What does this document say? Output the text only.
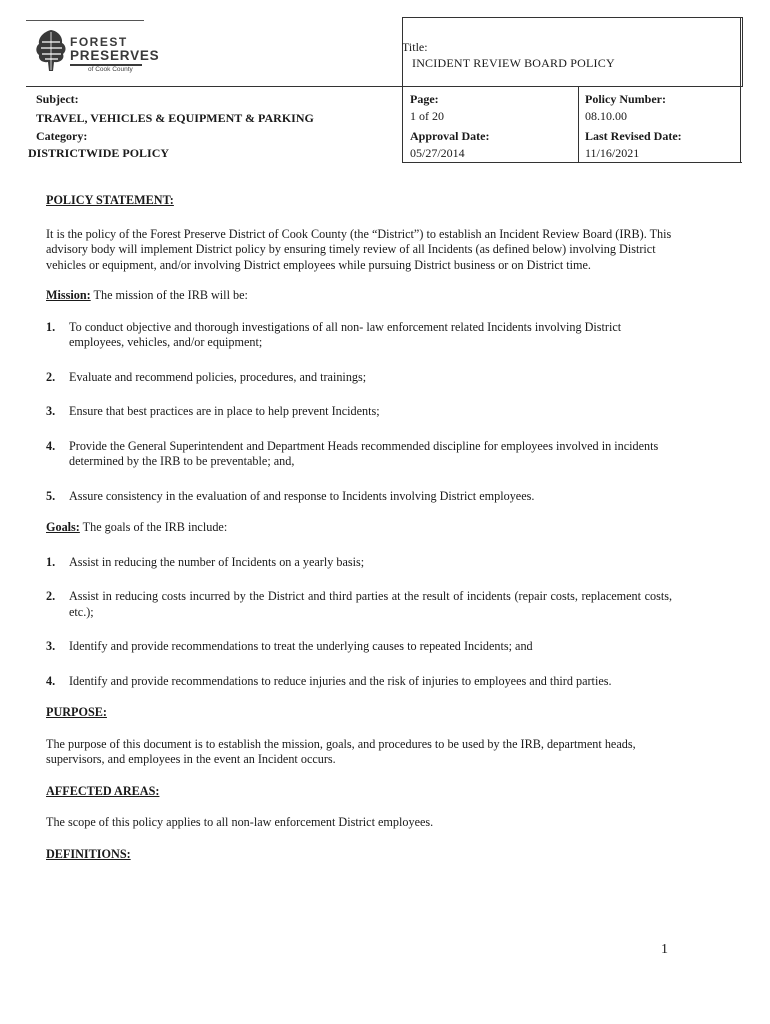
FOREST
PRESERVES
of Cook County
Title:
INCIDENT REVIEW BOARD POLICY
Subject:
TRAVEL, VEHICLES & EQUIPMENT & PARKING
Category:
DISTRICTWIDE POLICY
Page:
1 of 20
Approval Date:
05/27/2014
Policy Number:
08.10.00
Last Revised Date:
11/16/2021

POLICY STATEMENT:

It is the policy of the Forest Preserve District of Cook County (the “District”) to establish an Incident Review Board (IRB). This advisory body will implement District policy by ensuring timely review of all Incidents (as defined below) involving District vehicles or equipment, and/or involving District employees while pursuing District business or on District time.

Mission: The mission of the IRB will be:

1. To conduct objective and thorough investigations of all non- law enforcement related Incidents involving District employees, vehicles, and/or equipment;
2. Evaluate and recommend policies, procedures, and trainings;
3. Ensure that best practices are in place to help prevent Incidents;
4. Provide the General Superintendent and Department Heads recommended discipline for employees involved in incidents determined by the IRB to be preventable; and,
5. Assure consistency in the evaluation of and response to Incidents involving District employees.

Goals: The goals of the IRB include:

1. Assist in reducing the number of Incidents on a yearly basis;
2. Assist in reducing costs incurred by the District and third parties at the result of incidents (repair costs, replacement costs, etc.);
3. Identify and provide recommendations to treat the underlying causes to repeated Incidents; and
4. Identify and provide recommendations to reduce injuries and the risk of injuries to employees and third parties.

PURPOSE:

The purpose of this document is to establish the mission, goals, and procedures to be used by the IRB, department heads, supervisors, and employees in the event an Incident occurs.

AFFECTED AREAS:

The scope of this policy applies to all non-law enforcement District employees.

DEFINITIONS:

1
